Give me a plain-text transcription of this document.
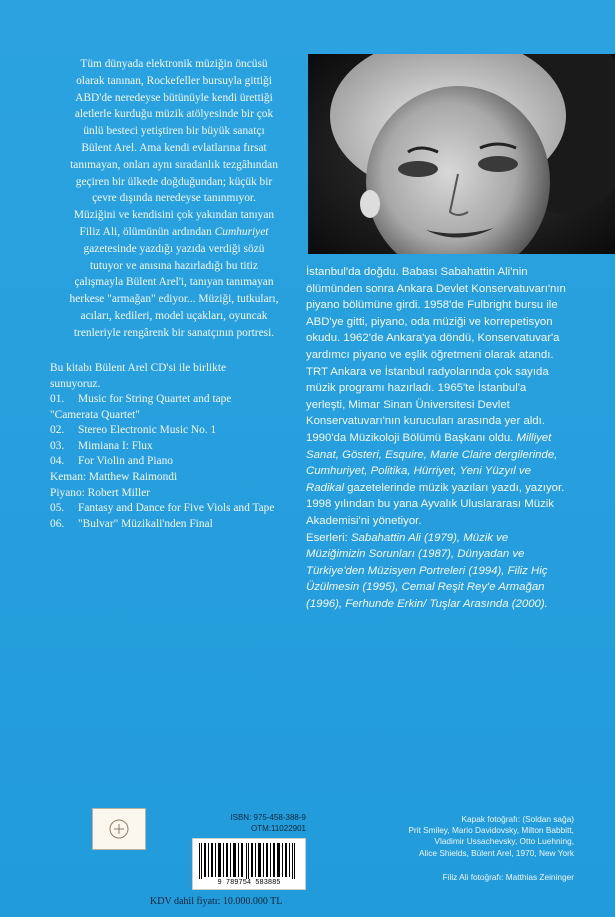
Tüm dünyada elektronik müziğin öncüsü
olarak tanınan, Rockefeller bursuyla gittiği
ABD'de neredeyse bütünüyle kendi ürettiği
aletlerle kurduğu müzik atölyesinde bir çok
ünlü besteci yetiştiren bir büyük sanatçı
Bülent Arel. Ama kendi evlatlarına fırsat
tanımayan, onları aynı sıradanlık tezgâhından
geçiren bir ülkede doğduğundan; küçük bir
çevre dışında neredeyse tanınmıyor.
Müziğini ve kendisini çok yakından tanıyan
Filiz Ali, ölümünün ardından Cumhuriyet
gazetesinde yazdığı yazıda verdiği sözü
tutuyor ve anısına hazırladığı bu titiz
çalışmayla Bülent Arel'i, tanıyan tanımayan
herkese "armağan" ediyor... Müziği, tutkuları,
acıları, kedileri, model uçakları, oyuncak
trenleriyle rengârenk bir sanatçının portresi.
Bu kitabı Bülent Arel CD'si ile birlikte
sunuyoruz.
01.	Music for String Quartet and tape
"Camerata Quartet"
02.	Stereo Electronic Music No. 1
03.	Mimiana I: Flux
04.	For Violin and Piano
Keman: Matthew Raimondi
Piyano: Robert Miller
05.	Fantasy and Dance for Five Viols and Tape
06.	"Bulvar" Müzikali'nden Final
İstanbul'da doğdu. Babası Sabahattin Ali'nin ölümünden sonra Ankara Devlet Konservatuvarı'nın piyano bölümüne girdi. 1958'de Fulbright bursu ile ABD'ye gitti, piyano, oda müziği ve korrepetisyon okudu. 1962'de Ankara'ya döndü, Konservatuvar'a yardımcı piyano ve eşlik öğretmeni olarak atandı. TRT Ankara ve İstanbul radyolarında çok sayıda müzik programı hazırladı. 1965'te İstanbul'a yerleşti, Mimar Sinan Üniversitesi Devlet Konservatuvarı'nın kurucuları arasında yer aldı. 1990'da Müzikoloji Bölümü Başkanı oldu. Milliyet Sanat, Gösteri, Esquire, Marie Claire dergilerinde, Cumhuriyet, Politika, Hürriyet, Yeni Yüzyıl ve Radikal gazetelerinde müzik yazıları yazdı, yazıyor. 1998 yılından bu yana Ayvalık Uluslararası Müzik Akademisi'ni yönetiyor.
Eserleri: Sabahattin Ali (1979), Müzik ve Müziğimizin Sorunları (1987), Dünyadan ve Türkiye'den Müzisyen Portreleri (1994), Filiz Hiç Üzülmesin (1995), Cemal Reşit Rey'e Armağan (1996), Ferhunde Erkin/ Tuşlar Arasında (2000).
ISBN: 975-458-388-9
OTM:11022901
9 789754 583885
KDV dahil fiyatı: 10.000.000 TL
Kapak fotoğrafı: (Soldan sağa)
Prit Smiley, Mario Davidovsky, Milton Babbitt,
Vladimir Ussachevsky, Otto Luehning,
Alice Shields, Bülent Arel, 1970, New York
Filiz Ali fotoğrafı: Matthias Zeininger
